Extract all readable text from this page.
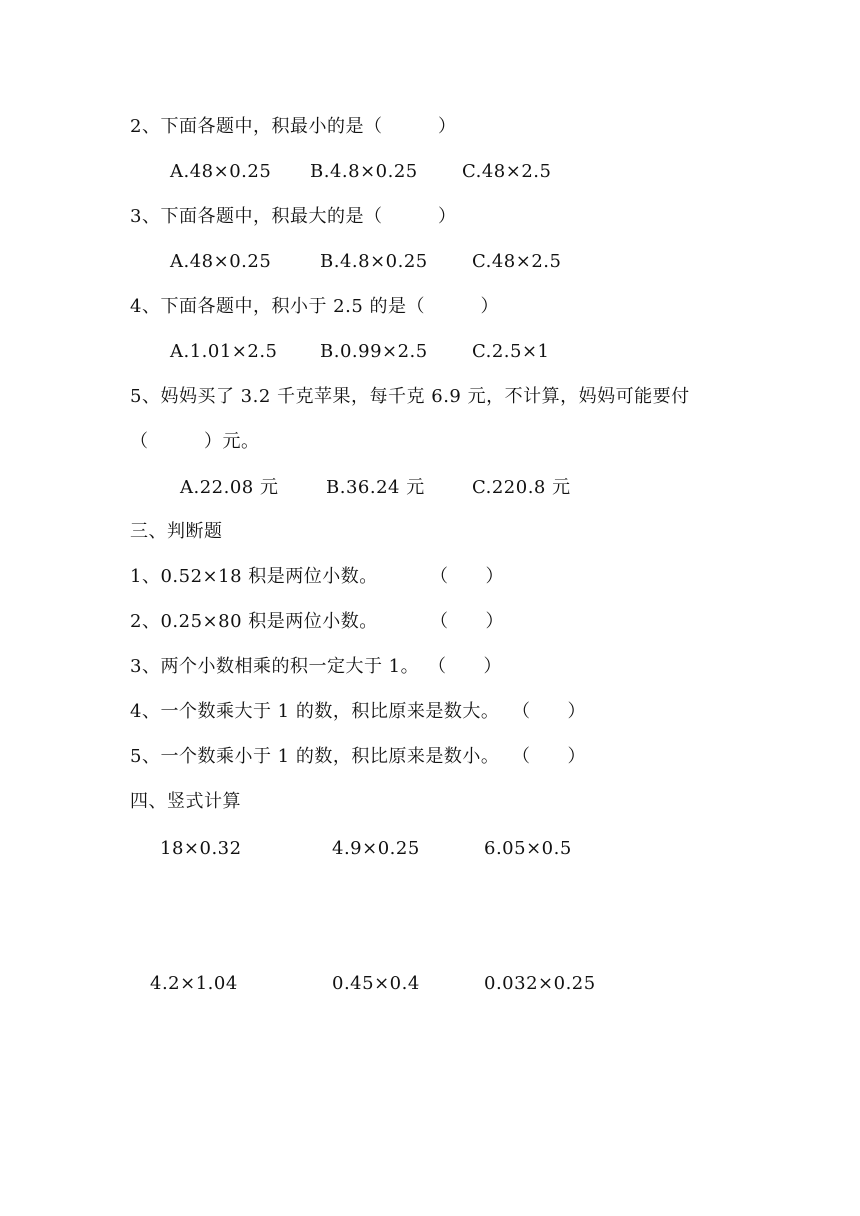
2、下面各题中，积最小的是（　　　）
A.48×0.25 B.4.8×0.25 C.48×2.5
3、下面各题中，积最大的是（　　　）
A.48×0.25	B.4.8×0.25 C.48×2.5
4、下面各题中，积小于 2.5 的是（　　　）
A.1.01×2.5 B.0.99×2.5 C.2.5×1
5、妈妈买了 3.2 千克苹果，每千克 6.9 元，不计算，妈妈可能要付
（　　　）元。
A.22.08 元	B.36.24 元	C.220.8 元
三、判断题
1、0.52×18 积是两位小数。	（　　）
2、0.25×80 积是两位小数。	（　　）
3、两个小数相乘的积一定大于 1。 （　　）
4、一个数乘大于 1 的数，积比原来是数大。 （　　）
5、一个数乘小于 1 的数，积比原来是数小。 （　　）
四、竖式计算
18×0.32	4.9×0.25	6.05×0.5
4.2×1.04	0.45×0.4	0.032×0.25
